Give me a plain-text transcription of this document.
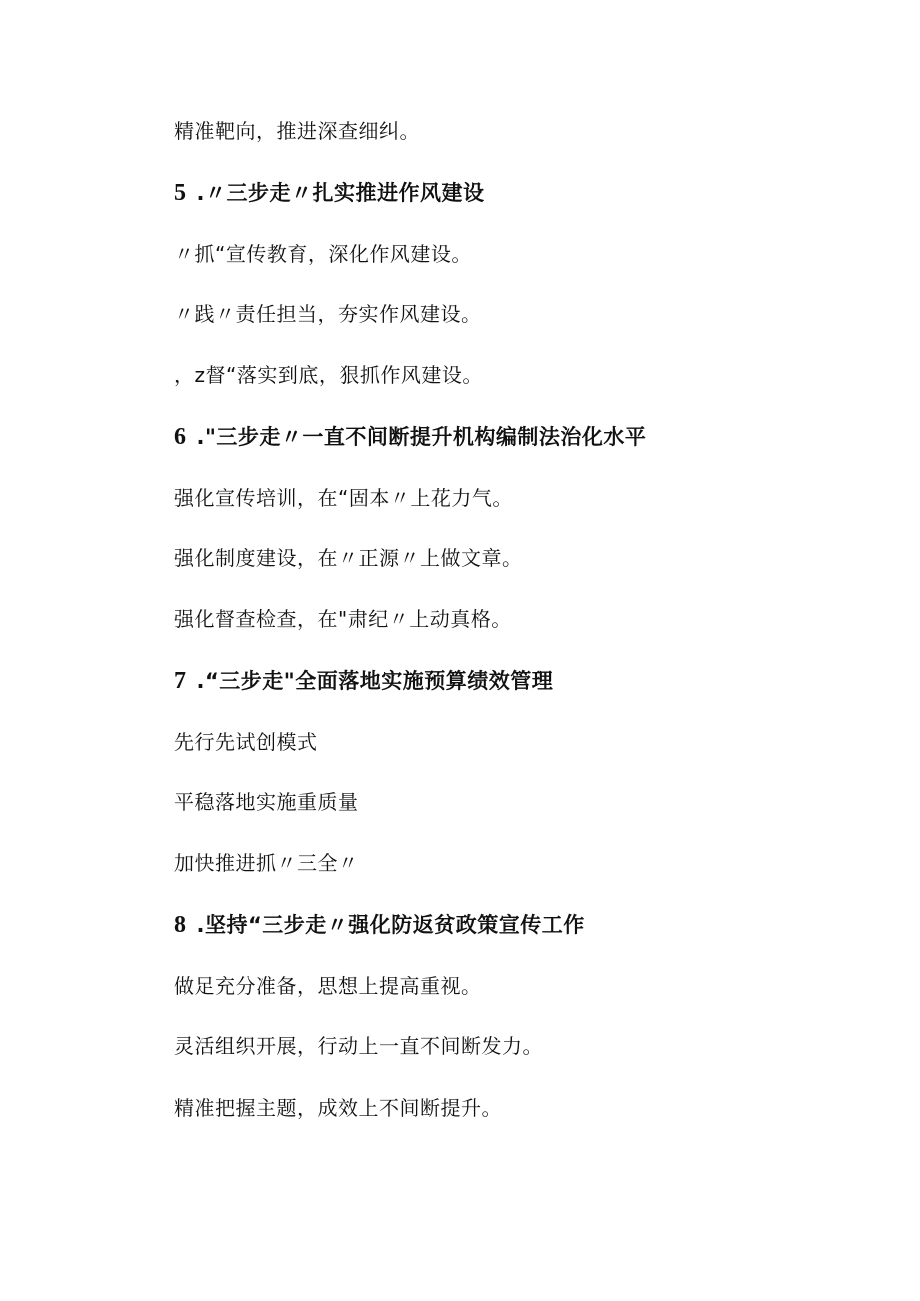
精准靶向，推进深查细纠。
5 .〃三步走〃扎实推进作风建设
〃抓“宣传教育，深化作风建设。
〃践〃责任担当，夯实作风建设。
，z督“落实到底，狠抓作风建设。
6 ."三步走〃一直不间断提升机构编制法治化水平
强化宣传培训，在“固本〃上花力气。
强化制度建设，在〃正源〃上做文章。
强化督查检查，在"肃纪〃上动真格。
7 .“三步走"全面落地实施预算绩效管理
先行先试创模式
平稳落地实施重质量
加快推进抓〃三全〃
8 .坚持“三步走〃强化防返贫政策宣传工作
做足充分准备，思想上提高重视。
灵活组织开展，行动上一直不间断发力。
精准把握主题，成效上不间断提升。
